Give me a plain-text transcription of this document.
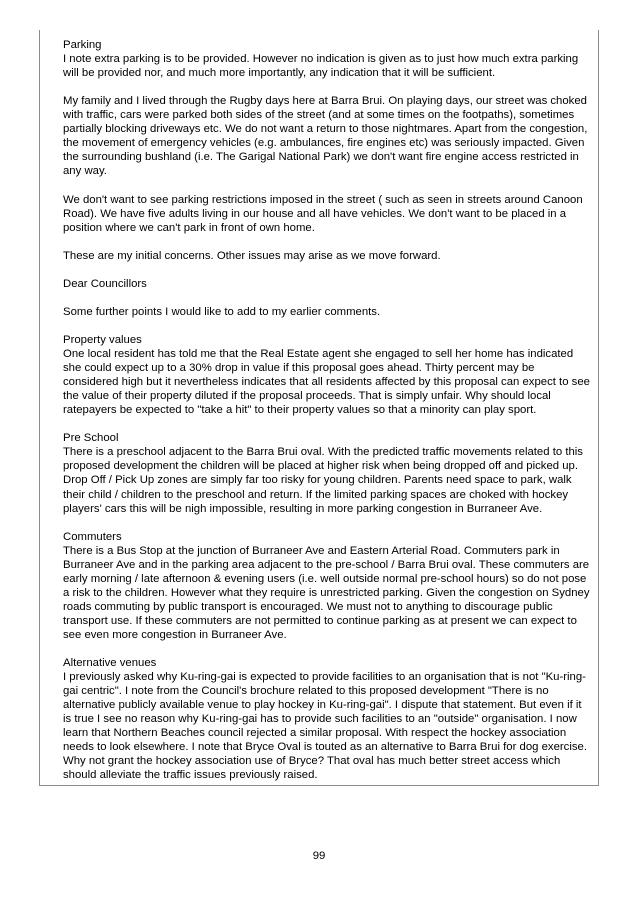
Parking
I note extra parking is to be provided. However no indication is given as to just how much extra parking will be provided nor, and much more importantly, any indication that it will be sufficient.

My family and I lived through the Rugby days here at Barra Brui. On playing days, our street was choked with traffic, cars were parked both sides of the street (and at some times on the footpaths), sometimes partially blocking driveways etc. We do not want a return to those nightmares. Apart from the congestion, the movement of emergency vehicles (e.g. ambulances, fire engines etc) was seriously impacted. Given the surrounding bushland (i.e. The Garigal National Park) we don't want fire engine access restricted in any way.

We don't want to see parking restrictions imposed in the street ( such as seen in streets around Canoon Road). We have five adults living in our house and all have vehicles. We don't want to be placed in a position where we can't park in front of own home.

These are my initial concerns. Other issues may arise as we move forward.

Dear Councillors

Some further points I would like to add to my earlier comments.

Property values
One local resident has told me that the Real Estate agent she engaged to sell her home has indicated she could expect up to a 30% drop in value if this proposal goes ahead. Thirty percent may be considered high but it nevertheless indicates that all residents affected by this proposal can expect to see the value of their property diluted if the proposal proceeds. That is simply unfair. Why should local ratepayers be expected to "take a hit" to their property values so that a minority can play sport.
Pre School
There is a preschool adjacent to the Barra Brui oval. With the predicted traffic movements related to this proposed development the children will be placed at higher risk when being dropped off and picked up. Drop Off / Pick Up zones are simply far too risky for young children. Parents need space to park, walk their child / children to the preschool and return. If the limited parking spaces are choked with hockey players' cars this will be nigh impossible, resulting in more parking congestion in Burraneer Ave.
Commuters
There is a Bus Stop at the junction of Burraneer Ave and Eastern Arterial Road. Commuters park in Burraneer Ave and in the parking area adjacent to the pre-school / Barra Brui oval. These commuters are early morning / late afternoon & evening users (i.e. well outside normal pre-school hours) so do not pose a risk to the children. However what they require is unrestricted parking. Given the congestion on Sydney roads commuting by public transport is encouraged. We must not to anything to discourage public transport use. If these commuters are not permitted to continue parking as at present we can expect to see even more congestion in Burraneer Ave.
Alternative venues
I previously asked why Ku-ring-gai is expected to provide facilities to an organisation that is not "Ku-ring-gai centric". I note from the Council's brochure related to this proposed development "There is no alternative publicly available venue to play hockey in Ku-ring-gai". I dispute that statement. But even if it is true I see no reason why Ku-ring-gai has to provide such facilities to an "outside" organisation. I now learn that Northern Beaches council rejected a similar proposal. With respect the hockey association needs to look elsewhere. I note that Bryce Oval is touted as an alternative to Barra Brui for dog exercise. Why not grant the hockey association use of Bryce? That oval has much better street access which should alleviate the traffic issues previously raised.
99
